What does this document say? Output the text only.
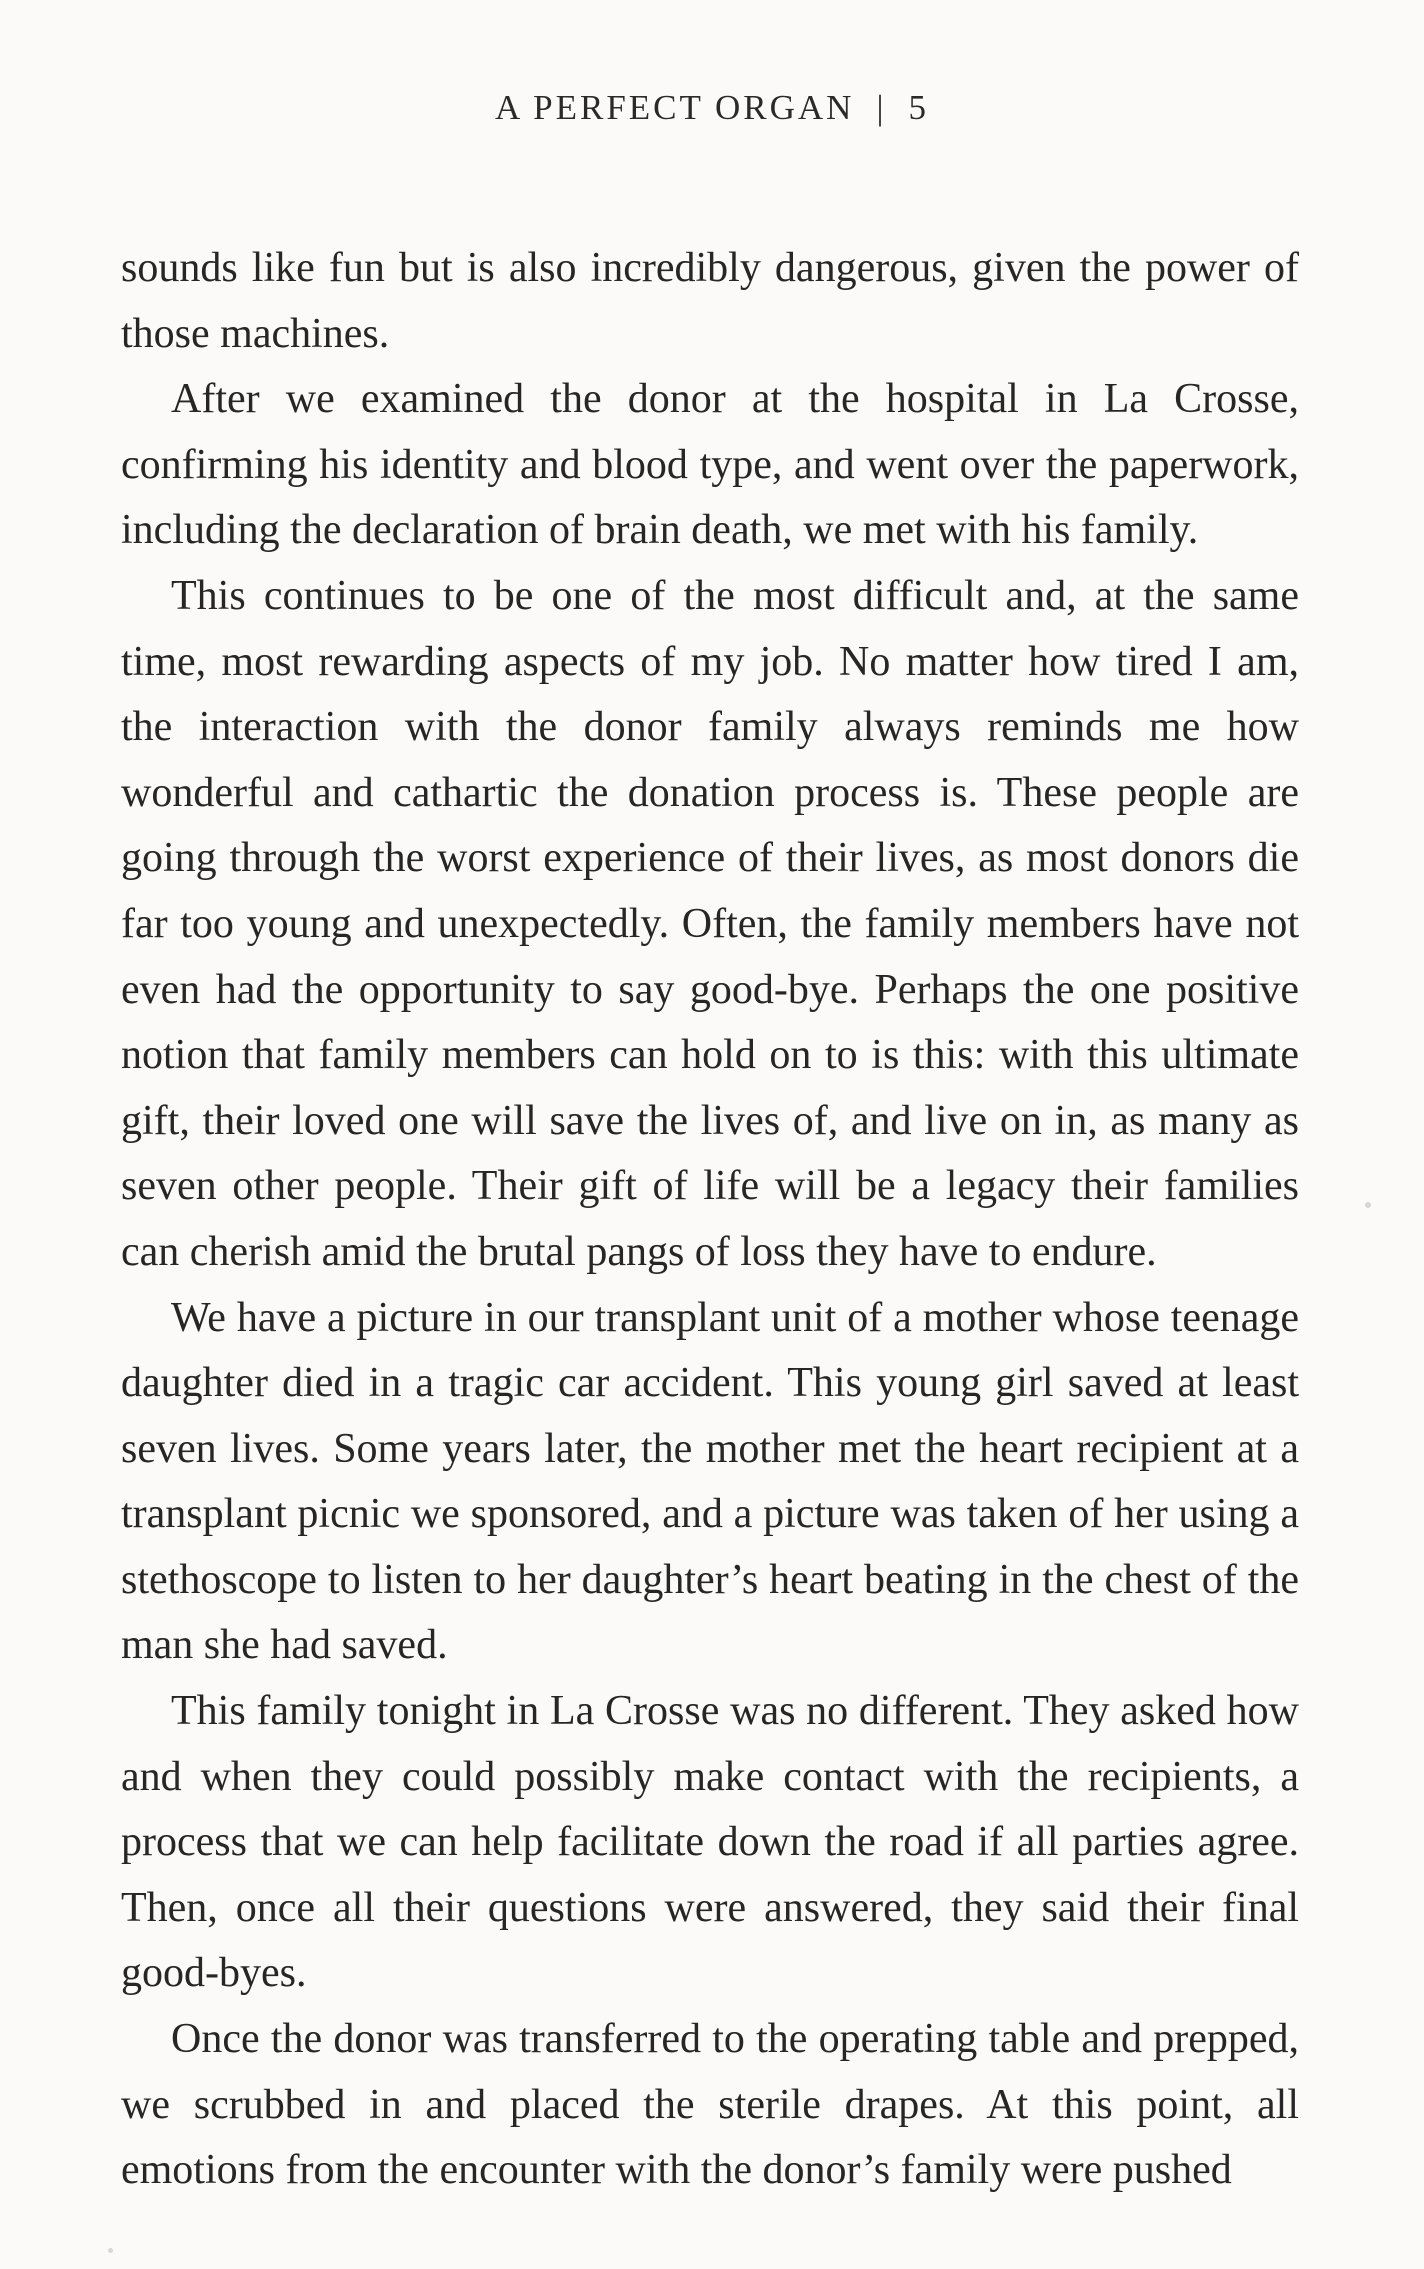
A PERFECT ORGAN | 5

sounds like fun but is also incredibly dangerous, given the power of those machines.

After we examined the donor at the hospital in La Crosse, confirming his identity and blood type, and went over the paperwork, including the declaration of brain death, we met with his family.

This continues to be one of the most difficult and, at the same time, most rewarding aspects of my job. No matter how tired I am, the interaction with the donor family always reminds me how wonderful and cathartic the donation process is. These people are going through the worst experience of their lives, as most donors die far too young and unexpectedly. Often, the family members have not even had the opportunity to say good-bye. Perhaps the one positive notion that family members can hold on to is this: with this ultimate gift, their loved one will save the lives of, and live on in, as many as seven other people. Their gift of life will be a legacy their families can cherish amid the brutal pangs of loss they have to endure.

We have a picture in our transplant unit of a mother whose teenage daughter died in a tragic car accident. This young girl saved at least seven lives. Some years later, the mother met the heart recipient at a transplant picnic we sponsored, and a picture was taken of her using a stethoscope to listen to her daughter’s heart beating in the chest of the man she had saved.

This family tonight in La Crosse was no different. They asked how and when they could possibly make contact with the recipients, a process that we can help facilitate down the road if all parties agree. Then, once all their questions were answered, they said their final good-byes.

Once the donor was transferred to the operating table and prepped, we scrubbed in and placed the sterile drapes. At this point, all emotions from the encounter with the donor’s family were pushed
